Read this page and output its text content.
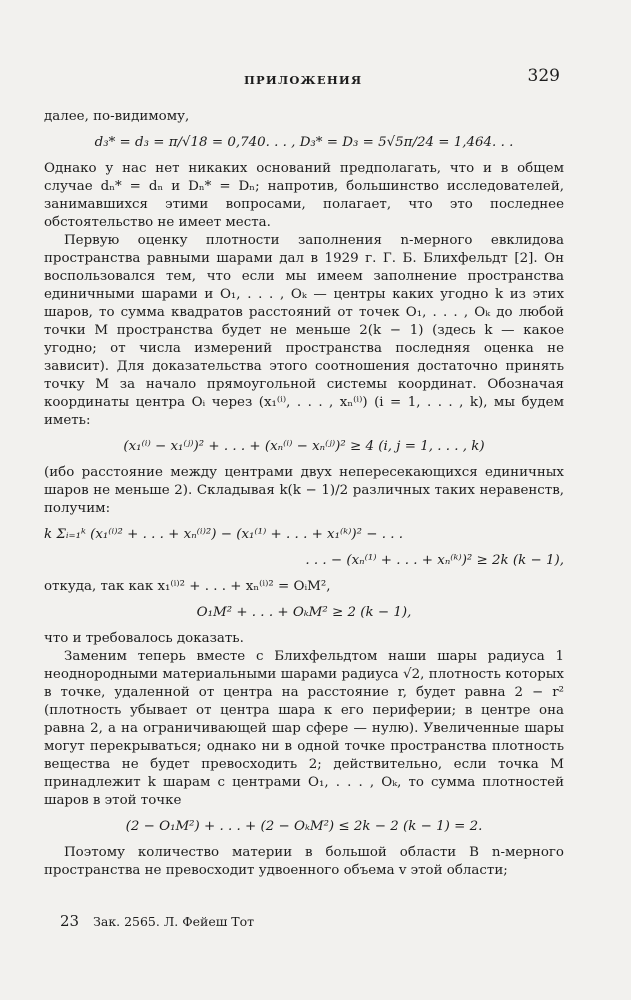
ПРИЛОЖЕНИЯ	329

далее, по-видимому,

d₃* = d₃ = π/√18 = 0,740. . . , D₃* = D₃ = 5√5π/24 = 1,464. . .

Однако у нас нет никаких оснований предполагать, что и в общем случае dₙ* = dₙ и Dₙ* = Dₙ; напротив, большинство исследователей, занимавшихся этими вопросами, полагает, что это последнее обстоятельство не имеет места.

Первую оценку плотности заполнения n-мерного евклидова пространства равными шарами дал в 1929 г. Г. Б. Блихфельдт [2]. Он воспользовался тем, что если мы имеем заполнение пространства единичными шарами и O₁, . . . , Oₖ — центры каких угодно k из этих шаров, то сумма квадратов расстояний от точек O₁, . . . , Oₖ до любой точки M пространства будет не меньше 2(k − 1) (здесь k — какое угодно; от числа измерений пространства последняя оценка не зависит). Для доказательства этого соотношения достаточно принять точку M за начало прямоугольной системы координат. Обозначая координаты центра Oᵢ через (x₁⁽ⁱ⁾, . . . , xₙ⁽ⁱ⁾) (i = 1, . . . , k), мы будем иметь:

(x₁⁽ⁱ⁾ − x₁⁽ʲ⁾)² + . . . + (xₙ⁽ⁱ⁾ − xₙ⁽ʲ⁾)² ≥ 4 (i, j = 1, . . . , k)

(ибо расстояние между центрами двух непересекающихся единичных шаров не меньше 2). Складывая k(k − 1)/2 различных таких неравенств, получим:

k Σᵢ₌₁ᵏ (x₁⁽ⁱ⁾² + . . . + xₙ⁽ⁱ⁾²) − (x₁⁽¹⁾ + . . . + x₁⁽ᵏ⁾)² − . . .
. . . − (xₙ⁽¹⁾ + . . . + xₙ⁽ᵏ⁾)² ≥ 2k (k − 1),

откуда, так как x₁⁽ⁱ⁾² + . . . + xₙ⁽ⁱ⁾² = OᵢM²,

O₁M² + . . . + OₖM² ≥ 2 (k − 1),

что и требовалось доказать.

Заменим теперь вместе с Блихфельдтом наши шары радиуса 1 неоднородными материальными шарами радиуса √2, плотность которых в точке, удаленной от центра на расстояние r, будет равна 2 − r² (плотность убывает от центра шара к его периферии; в центре она равна 2, а на ограничивающей шар сфере — нулю). Увеличенные шары могут перекрываться; однако ни в одной точке пространства плотность вещества не будет превосходить 2; действительно, если точка M принадлежит k шарам с центрами O₁, . . . , Oₖ, то сумма плотностей шаров в этой точке

(2 − O₁M²) + . . . + (2 − OₖM²) ≤ 2k − 2 (k − 1) = 2.

Поэтому количество материи в большой области B n-мерного пространства не превосходит удвоенного объема v этой области;

23 Зак. 2565. Л. Фейеш Тот
